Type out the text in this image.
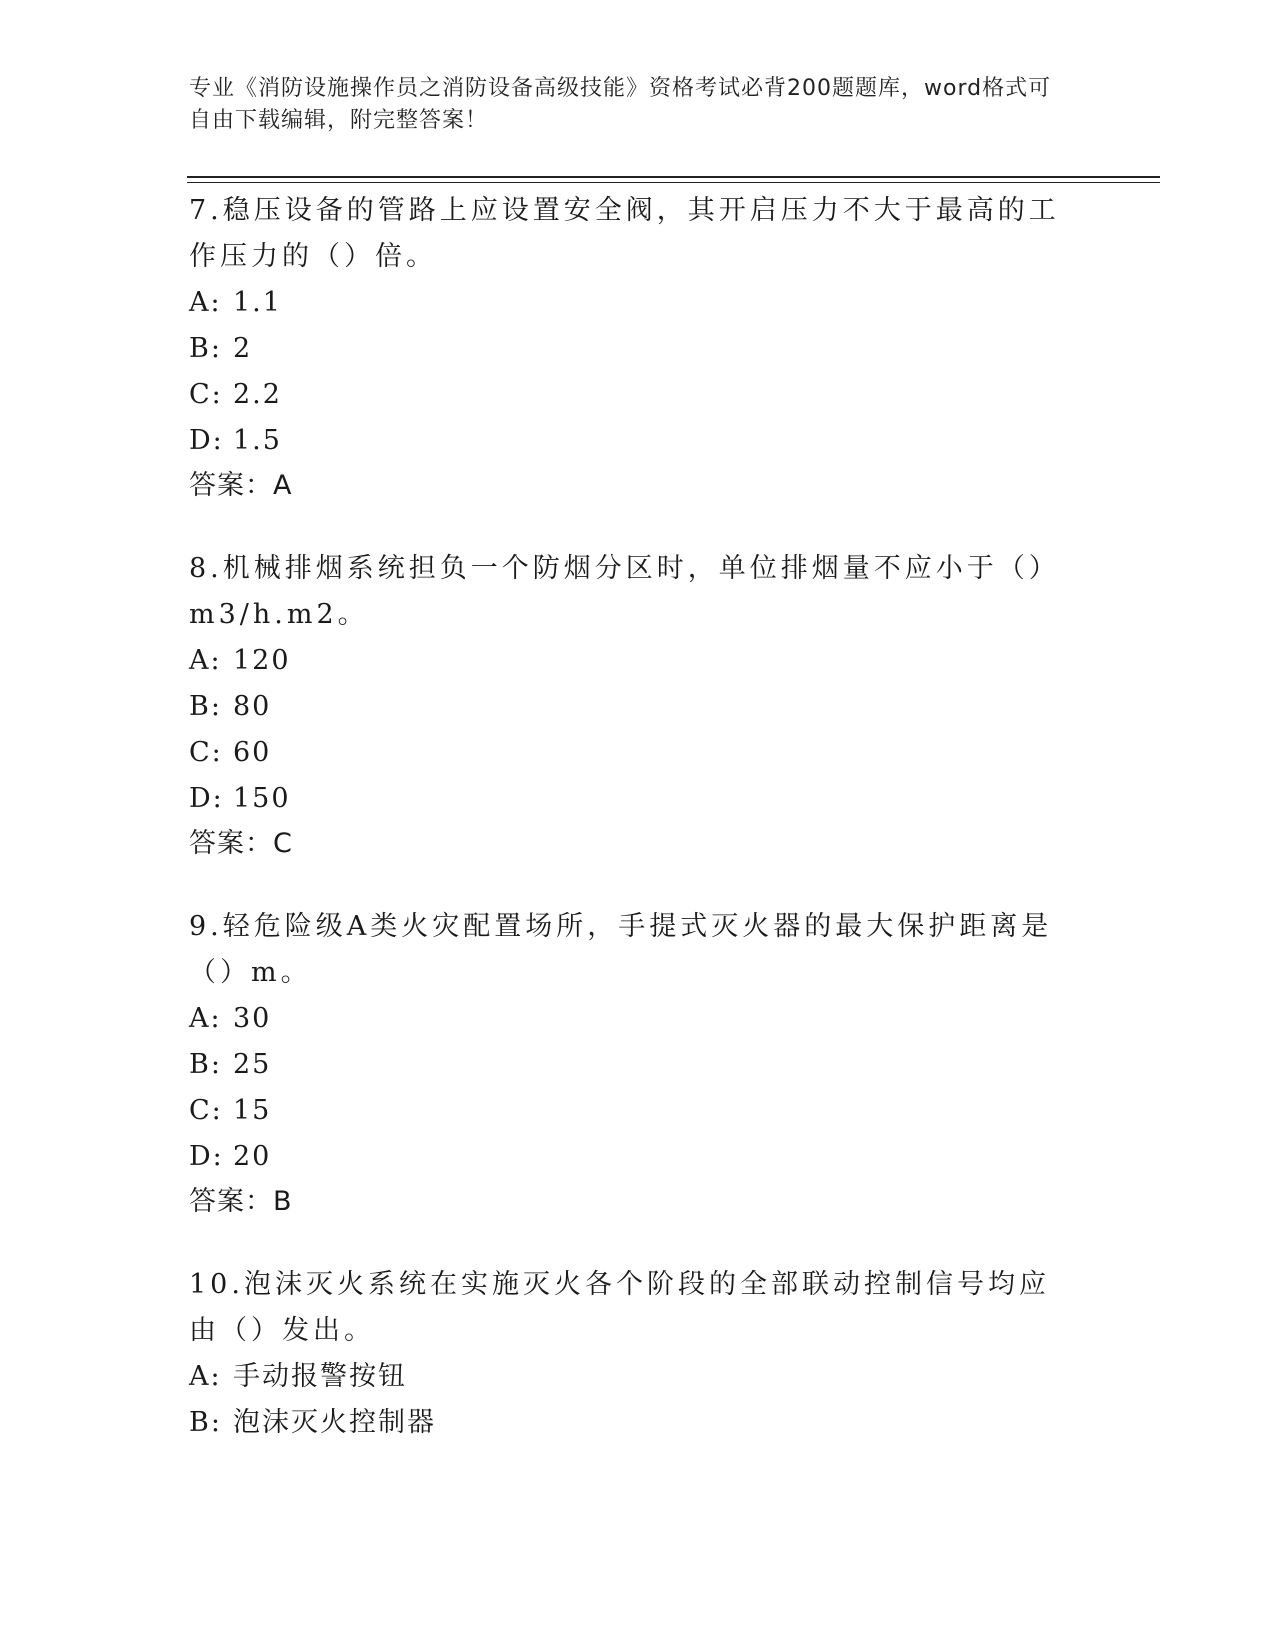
专业《消防设施操作员之消防设备高级技能》资格考试必背200题题库，word格式可自由下载编辑，附完整答案！

7.稳压设备的管路上应设置安全阀，其开启压力不大于最高的工作压力的（）倍。

A: 1.1

B: 2

C: 2.2

D: 1.5

答案：A

8.机械排烟系统担负一个防烟分区时，单位排烟量不应小于（）m3/h.m2。

A: 120

B: 80

C: 60

D: 150

答案：C

9.轻危险级A类火灾配置场所，手提式灭火器的最大保护距离是（）m。

A: 30

B: 25

C: 15

D: 20

答案：B

10.泡沫灭火系统在实施灭火各个阶段的全部联动控制信号均应由（）发出。

A: 手动报警按钮

B: 泡沫灭火控制器
